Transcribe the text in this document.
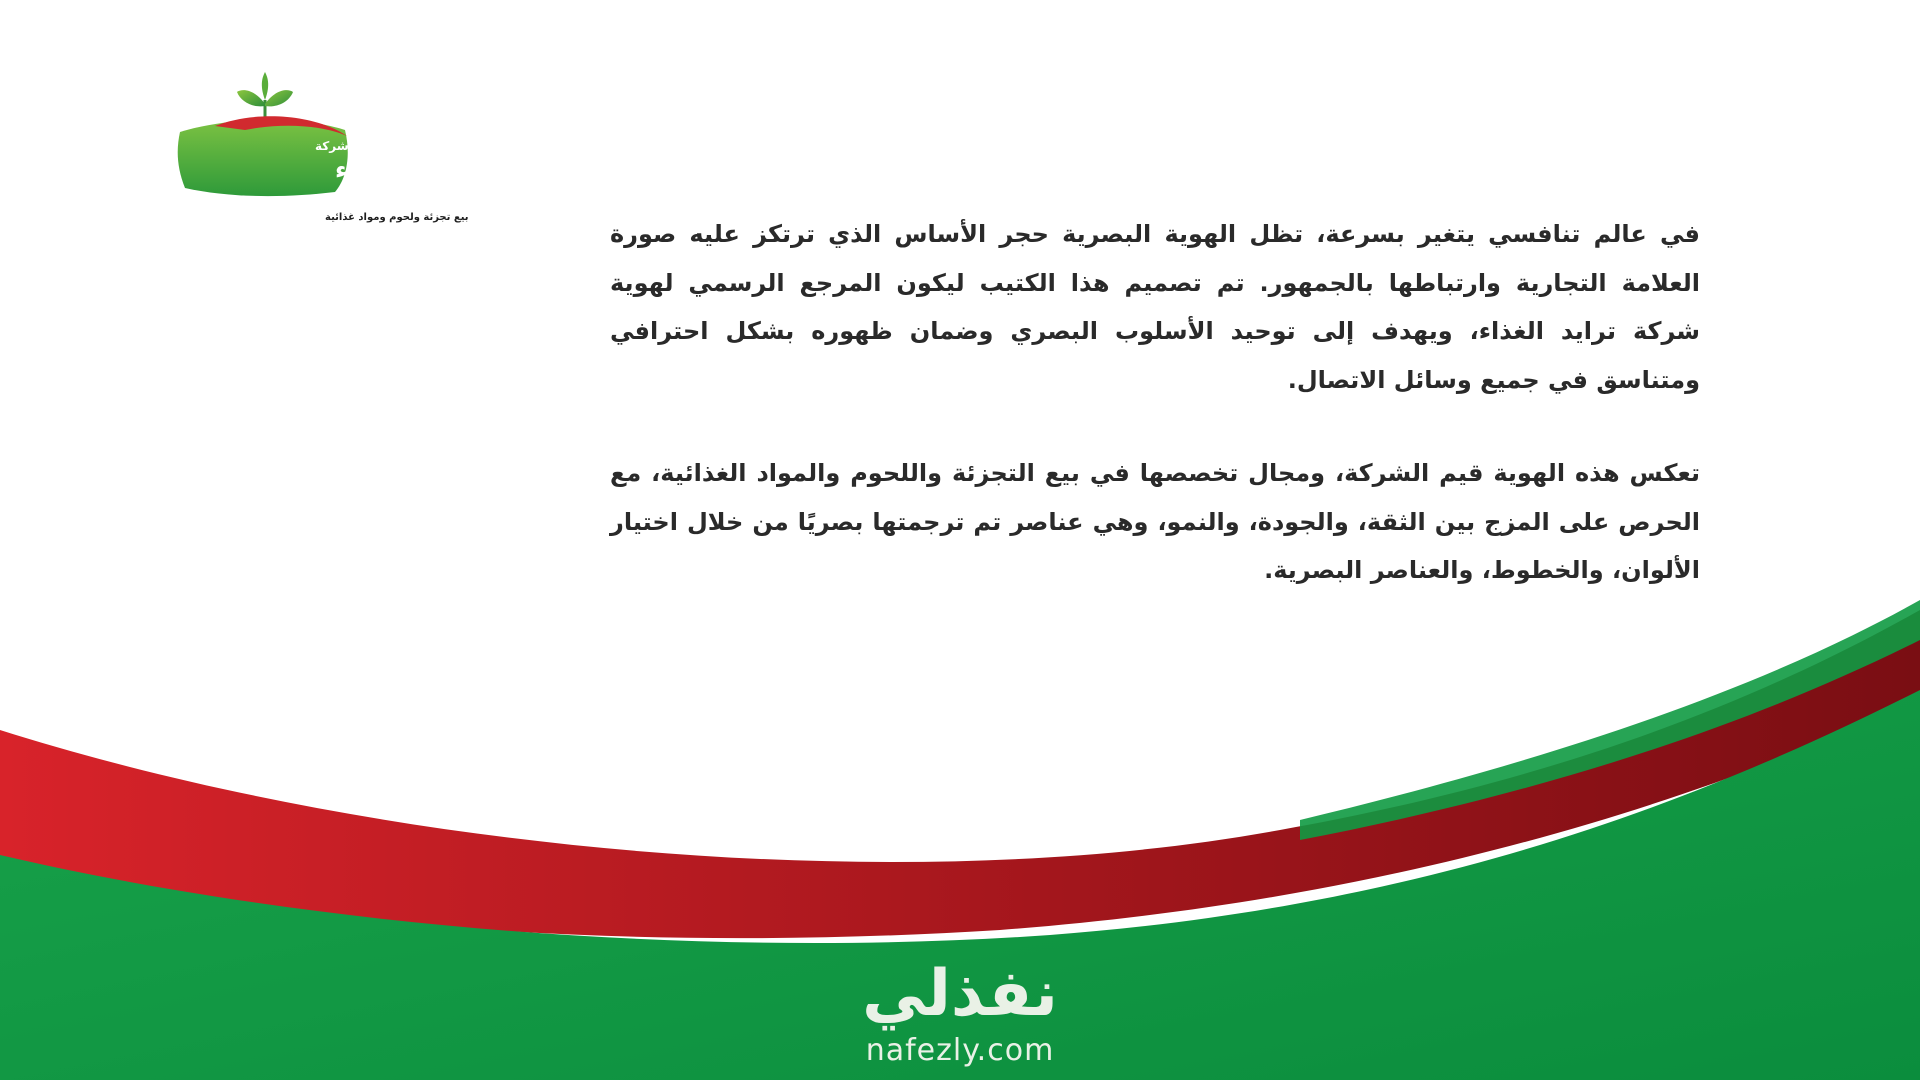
شركة
ترايد الغذاء
بيع تجزئة ولحوم ومواد غذائية

في عالم تنافسي يتغير بسرعة، تظل الهوية البصرية حجر الأساس الذي ترتكز عليه صورة العلامة التجارية وارتباطها بالجمهور. تم تصميم هذا الكتيب ليكون المرجع الرسمي لهوية شركة ترايد الغذاء، ويهدف إلى توحيد الأسلوب البصري وضمان ظهوره بشكل احترافي ومتناسق في جميع وسائل الاتصال.

تعكس هذه الهوية قيم الشركة، ومجال تخصصها في بيع التجزئة واللحوم والمواد الغذائية، مع الحرص على المزج بين الثقة، والجودة، والنمو، وهي عناصر تم ترجمتها بصريًا من خلال اختيار الألوان، والخطوط، والعناصر البصرية.

نفذلي
nafezly.com
